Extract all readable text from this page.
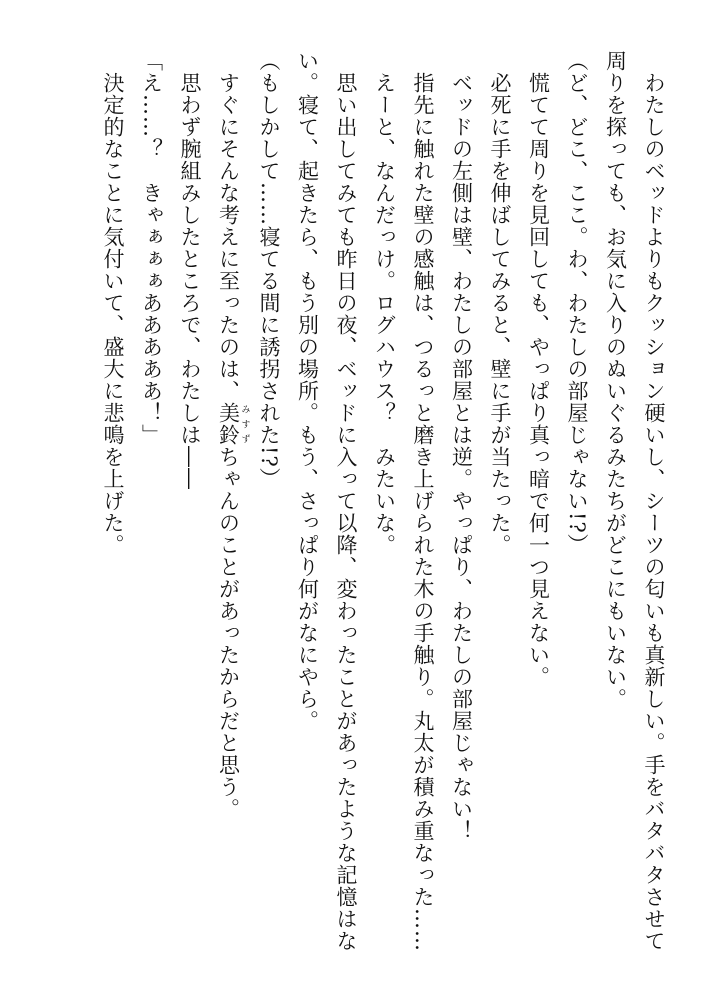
　わたしのベッドよりもクッション硬いし、シーツの匂いも真新しい。手をバタバタさせて
周りを探っても、お気に入りのぬいぐるみたちがどこにもいない。

（ど、どこ、ここ。わ、わたしの部屋じゃない!?）

　慌てて周りを見回しても、やっぱり真っ暗で何一つ見えない。

　必死に手を伸ばしてみると、壁に手が当たった。

　ベッドの左側は壁、わたしの部屋とは逆。やっぱり、わたしの部屋じゃない！

　指先に触れた壁の感触は、つるっと磨き上げられた木の手触り。丸太が積み重なった……

　えーと、なんだっけ。ログハウス？　みたいな。

　思い出してみても昨日の夜、ベッドに入って以降、変わったことがあったような記憶はな
い。寝て、起きたら、もう別の場所。もう、さっぱり何がなにやら。

（もしかして……寝てる間に誘拐された!?）

　すぐにそんな考えに至ったのは、美鈴 みすずちゃんのことがあったからだと思う。

　思わず腕組みしたところで、わたしは――

「え……？　きゃぁぁぁあああああ！」

　決定的なことに気付いて、盛大に悲鳴を上げた。
